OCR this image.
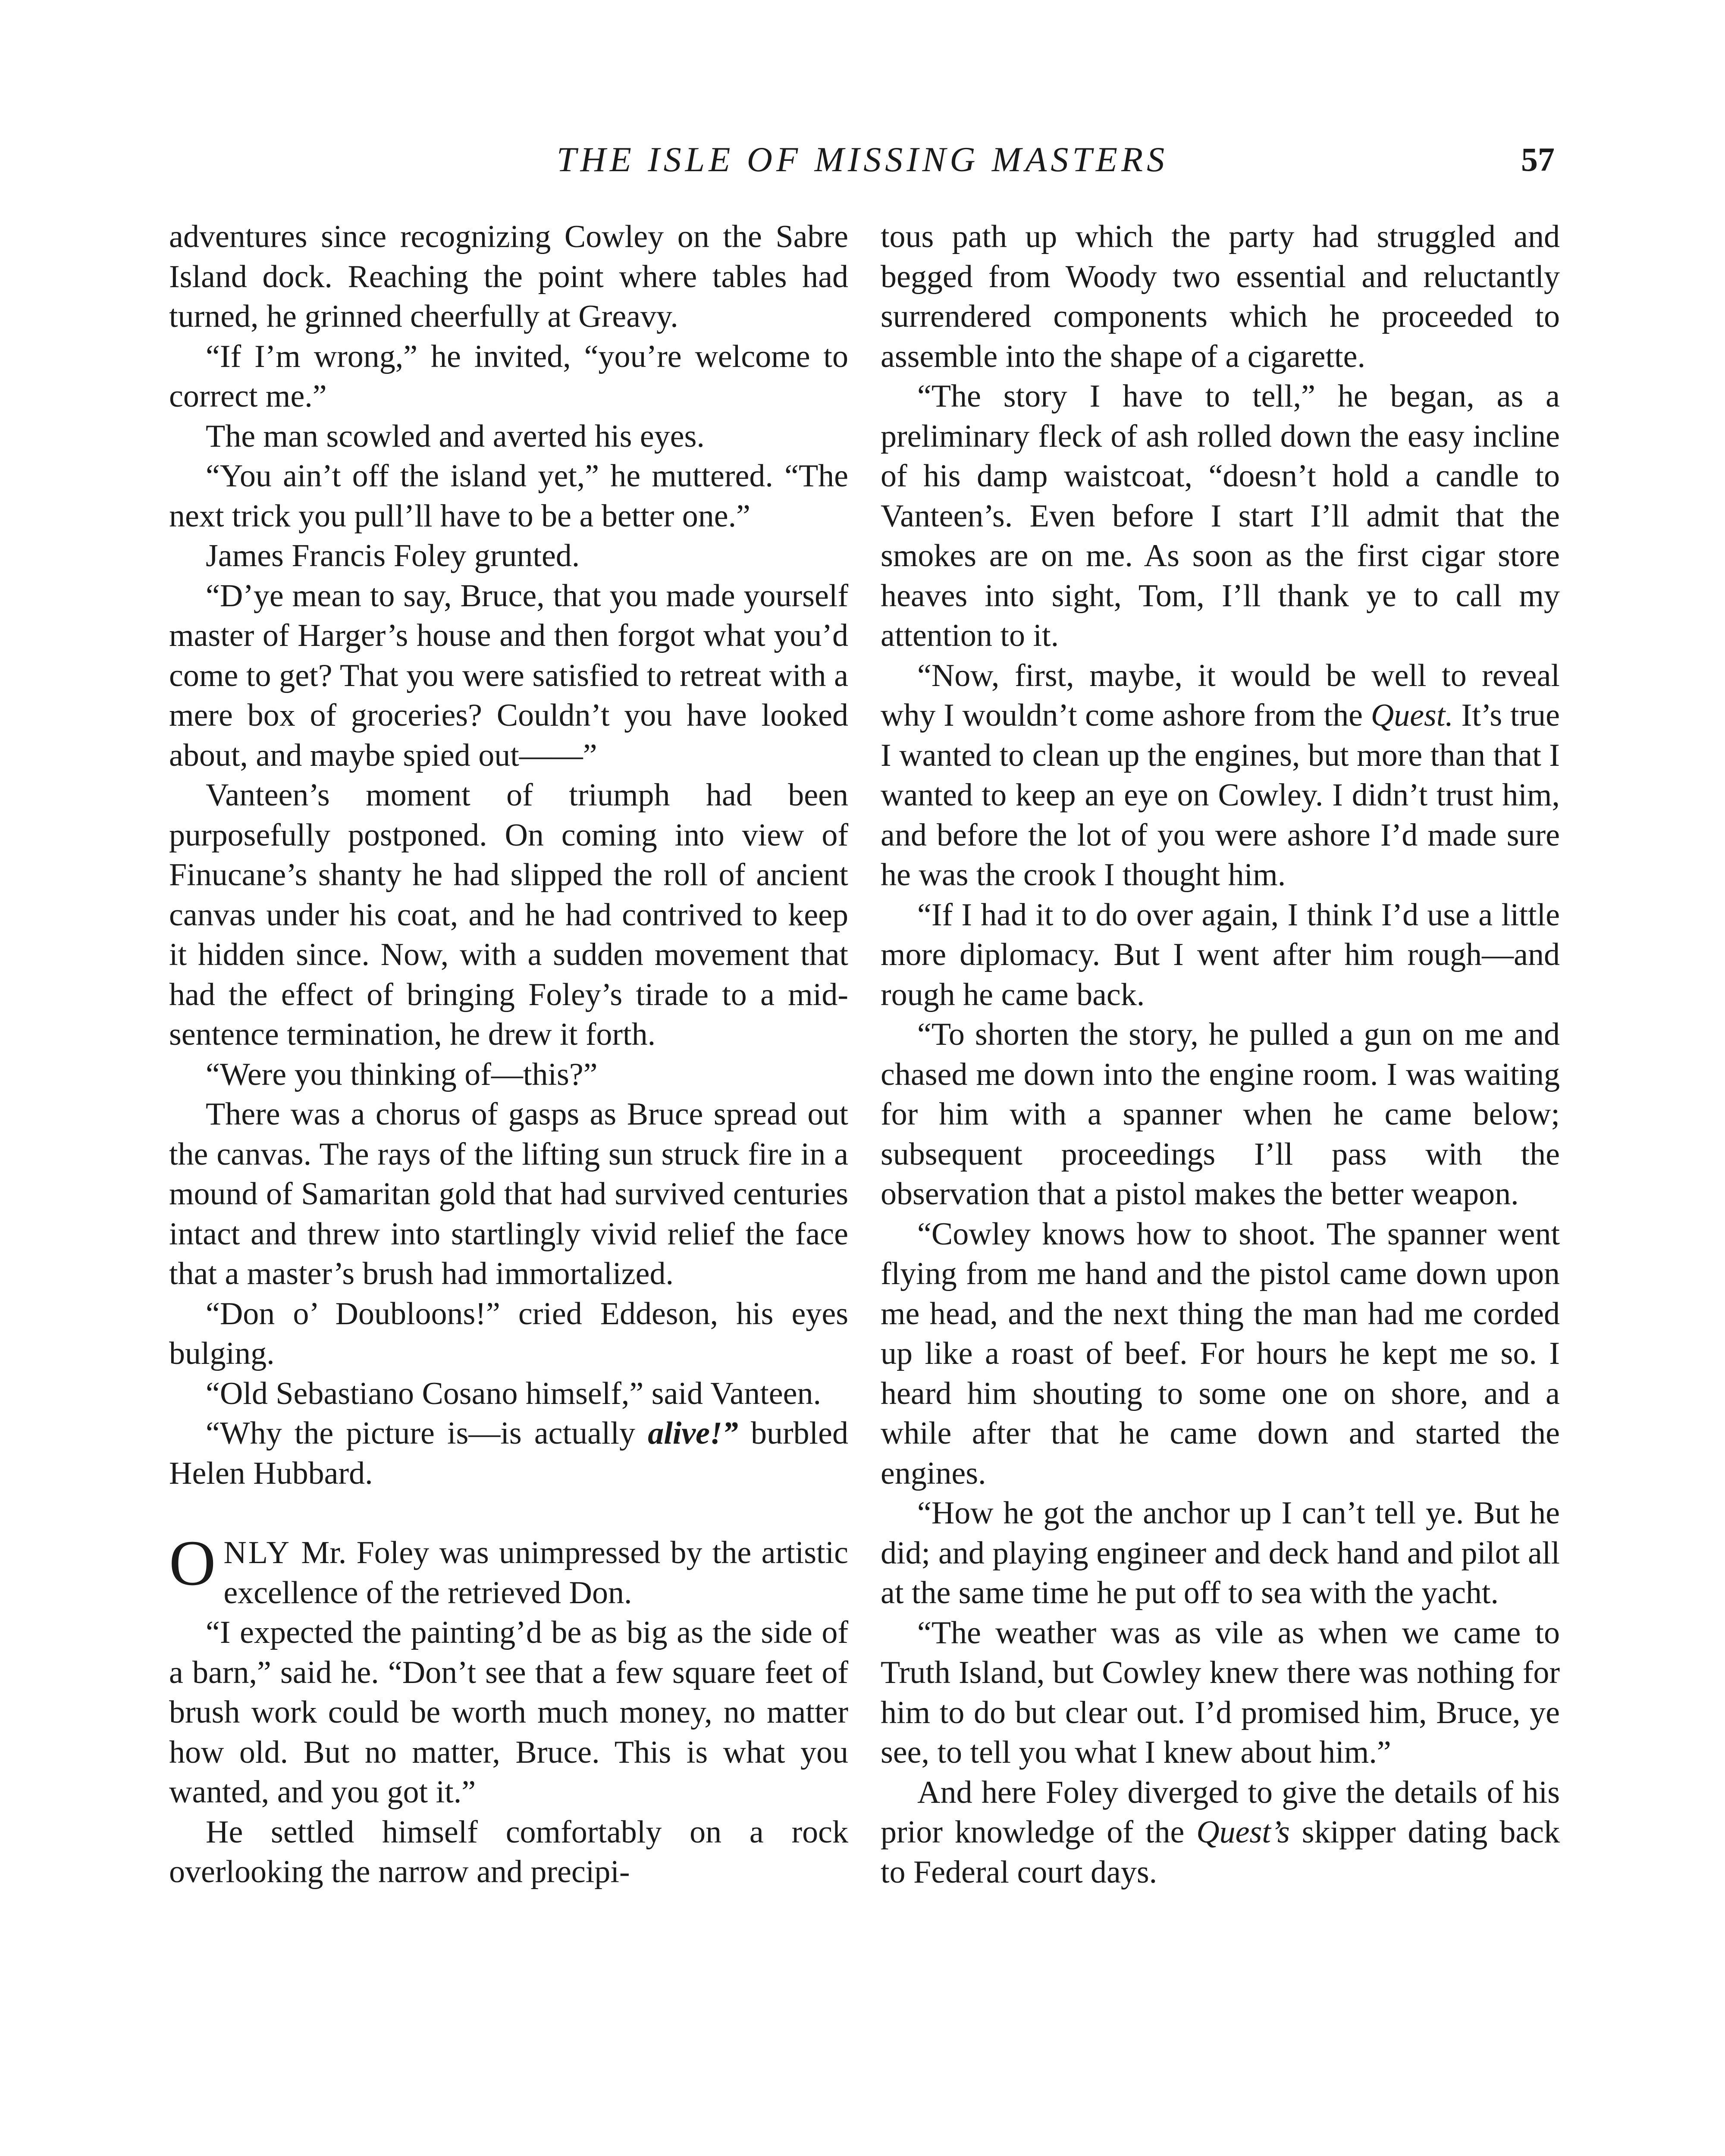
THE ISLE OF MISSING MASTERS	57

adventures since recognizing Cowley on the Sabre Island dock. Reaching the point where tables had turned, he grinned cheerfully at Greavy.

“If I’m wrong,” he invited, “you’re welcome to correct me.”

The man scowled and averted his eyes.

“You ain’t off the island yet,” he muttered. “The next trick you pull’ll have to be a better one.”

James Francis Foley grunted.

“D’ye mean to say, Bruce, that you made yourself master of Harger’s house and then forgot what you’d come to get? That you were satisfied to retreat with a mere box of groceries? Couldn’t you have looked about, and maybe spied out——”

Vanteen’s moment of triumph had been purposefully postponed. On coming into view of Finucane’s shanty he had slipped the roll of ancient canvas under his coat, and he had contrived to keep it hidden since. Now, with a sudden movement that had the effect of bringing Foley’s tirade to a mid-sentence termination, he drew it forth.

“Were you thinking of—this?”

There was a chorus of gasps as Bruce spread out the canvas. The rays of the lifting sun struck fire in a mound of Samaritan gold that had survived centuries intact and threw into startlingly vivid relief the face that a master’s brush had immortalized.

“Don o’ Doubloons!” cried Eddeson, his eyes bulging.

“Old Sebastiano Cosano himself,” said Vanteen.

“Why the picture is—is actually alive!” burbled Helen Hubbard.

ONLY Mr. Foley was unimpressed by the artistic excellence of the retrieved Don.

“I expected the painting’d be as big as the side of a barn,” said he. “Don’t see that a few square feet of brush work could be worth much money, no matter how old. But no matter, Bruce. This is what you wanted, and you got it.”

He settled himself comfortably on a rock overlooking the narrow and precipi-

tous path up which the party had struggled and begged from Woody two essential and reluctantly surrendered components which he proceeded to assemble into the shape of a cigarette.

“The story I have to tell,” he began, as a preliminary fleck of ash rolled down the easy incline of his damp waistcoat, “doesn’t hold a candle to Vanteen’s. Even before I start I’ll admit that the smokes are on me. As soon as the first cigar store heaves into sight, Tom, I’ll thank ye to call my attention to it.

“Now, first, maybe, it would be well to reveal why I wouldn’t come ashore from the Quest. It’s true I wanted to clean up the engines, but more than that I wanted to keep an eye on Cowley. I didn’t trust him, and before the lot of you were ashore I’d made sure he was the crook I thought him.

“If I had it to do over again, I think I’d use a little more diplomacy. But I went after him rough—and rough he came back.

“To shorten the story, he pulled a gun on me and chased me down into the engine room. I was waiting for him with a spanner when he came below; subsequent proceedings I’ll pass with the observation that a pistol makes the better weapon.

“Cowley knows how to shoot. The spanner went flying from me hand and the pistol came down upon me head, and the next thing the man had me corded up like a roast of beef. For hours he kept me so. I heard him shouting to some one on shore, and a while after that he came down and started the engines.

“How he got the anchor up I can’t tell ye. But he did; and playing engineer and deck hand and pilot all at the same time he put off to sea with the yacht.

“The weather was as vile as when we came to Truth Island, but Cowley knew there was nothing for him to do but clear out. I’d promised him, Bruce, ye see, to tell you what I knew about him.”

And here Foley diverged to give the details of his prior knowledge of the Quest’s skipper dating back to Federal court days.
